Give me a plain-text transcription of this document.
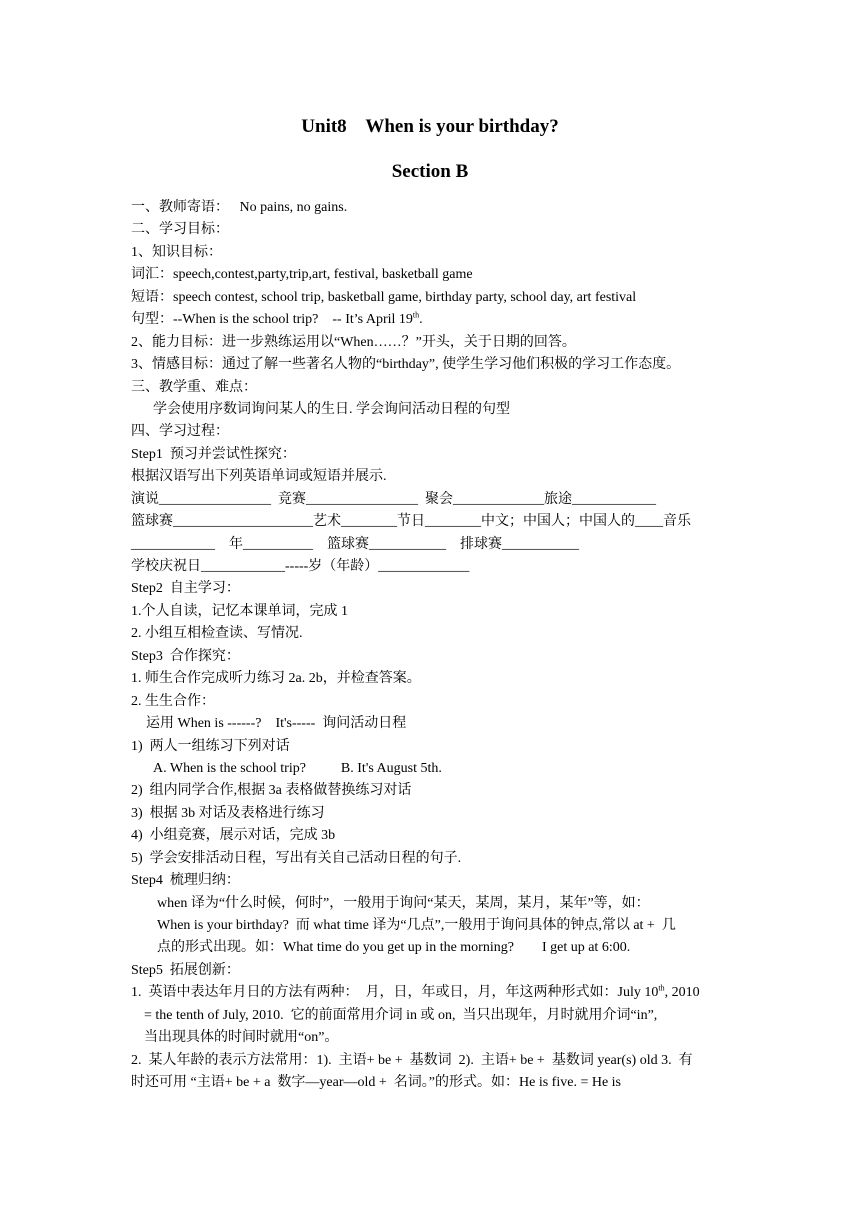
Unit8    When is your birthday?
Section B
一、教师寄语：   No pains, no gains.
二、学习目标：
1、知识目标：
词汇：speech,contest,party,trip,art, festival, basketball game
短语：speech contest, school trip, basketball game, birthday party, school day, art festival
句型：--When is the school trip?    -- It’s April 19th.
2、能力目标：进一步熟练运用以“When……？”开头，关于日期的回答。
3、情感目标：通过了解一些著名人物的“birthday”, 使学生学习他们积极的学习工作态度。
三、教学重、难点：
学会使用序数词询问某人的生日. 学会询问活动日程的句型
四、学习过程：
Step1  预习并尝试性探究：
根据汉语写出下列英语单词或短语并展示.
演说________________  竞赛________________  聚会_____________旅途____________
篮球赛____________________艺术________节日________中文；中国人；中国人的____音乐
____________    年__________    篮球赛___________    排球赛___________
学校庆祝日____________-----岁（年龄）_____________
Step2  自主学习：
1.个人自读，记忆本课单词，完成 1
2. 小组互相检查读、写情况.
Step3  合作探究：
1. 师生合作完成听力练习 2a. 2b，并检查答案。
2. 生生合作：
运用 When is ------?    It's-----  询问活动日程
1)  两人一组练习下列对话
A. When is the school trip?          B. It's August 5th.
2)  组内同学合作,根据 3a 表格做替换练习对话
3)  根据 3b 对话及表格进行练习
4)  小组竞赛，展示对话，完成 3b
5)  学会安排活动日程，写出有关自己活动日程的句子.
Step4  梳理归纳：
when 译为“什么时候，何时”，一般用于询问“某天，某周，某月，某年”等，如：
When is your birthday?  而 what time 译为“几点”,一般用于询问具体的钟点,常以 at +  几
点的形式出现。如：What time do you get up in the morning?        I get up at 6:00.
Step5  拓展创新：
1.  英语中表达年月日的方法有两种：  月，日，年或日，月，年这两种形式如：July 10th, 2010
= the tenth of July, 2010.  它的前面常用介词 in 或 on,  当只出现年，月时就用介词“in”,
当出现具体的时间时就用“on”。
2.  某人年龄的表示方法常用：1).  主语+ be +  基数词  2).  主语+ be +  基数词 year(s) old 3.  有
时还可用 “主语+ be + a  数字—year—old +  名词。”的形式。如：He is five. = He is
